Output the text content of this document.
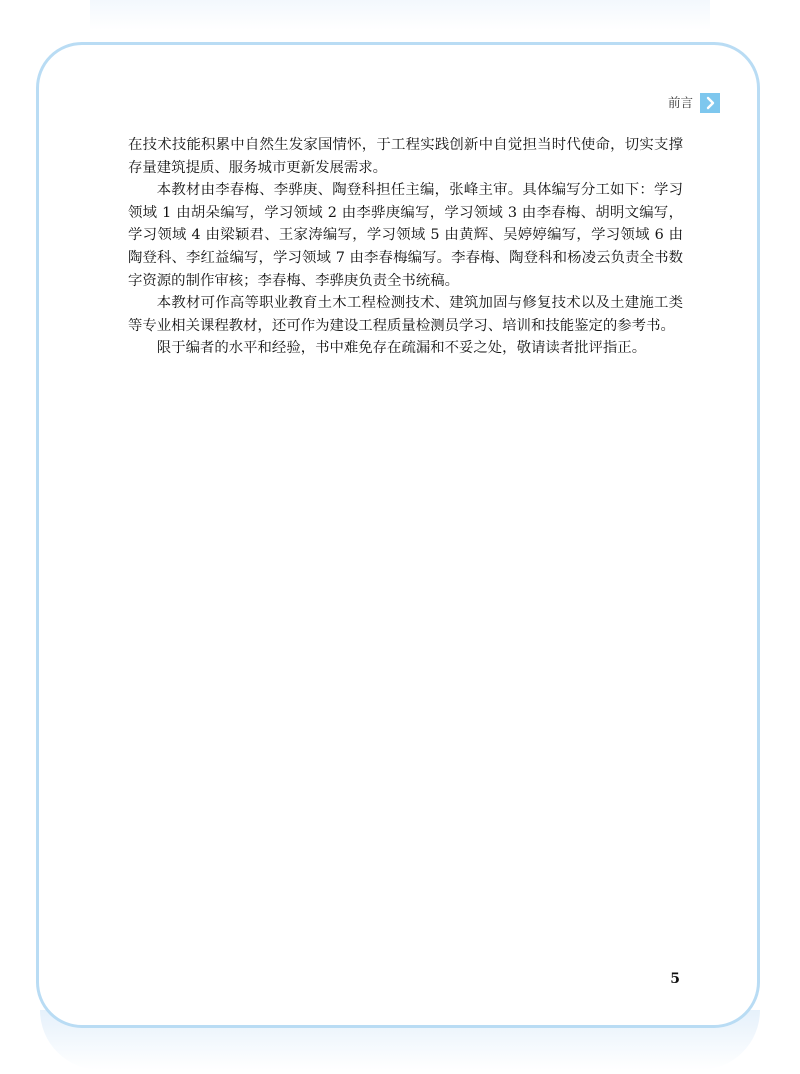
前言

在技术技能积累中自然生发家国情怀，于工程实践创新中自觉担当时代使命，切实支撑存量建筑提质、服务城市更新发展需求。

本教材由李春梅、李骅庚、陶登科担任主编，张峰主审。具体编写分工如下：学习领域 1 由胡朵编写，学习领域 2 由李骅庚编写，学习领域 3 由李春梅、胡明文编写，学习领域 4 由梁颖君、王家涛编写，学习领域 5 由黄辉、吴婷婷编写，学习领域 6 由陶登科、李红益编写，学习领域 7 由李春梅编写。李春梅、陶登科和杨凌云负责全书数字资源的制作审核；李春梅、李骅庚负责全书统稿。

本教材可作高等职业教育土木工程检测技术、建筑加固与修复技术以及土建施工类等专业相关课程教材，还可作为建设工程质量检测员学习、培训和技能鉴定的参考书。

限于编者的水平和经验，书中难免存在疏漏和不妥之处，敬请读者批评指正。

5
